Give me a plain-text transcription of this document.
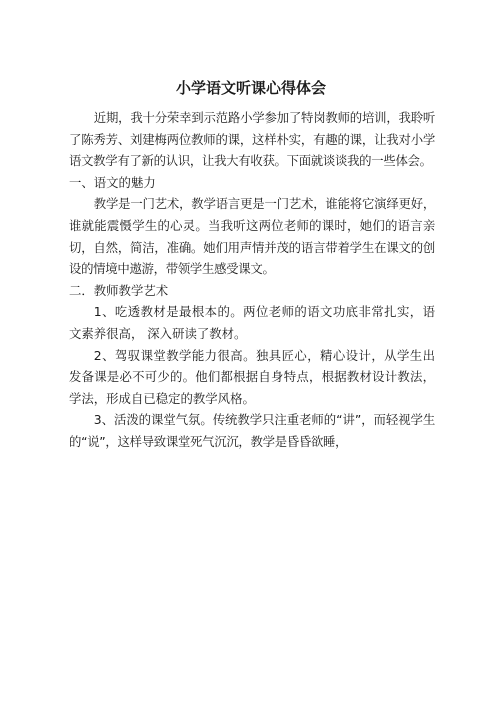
小学语文听课心得体会

近期，我十分荣幸到示范路小学参加了特岗教师的培训，我聆听了陈秀芳、刘建梅两位教师的课，这样朴实，有趣的课，让我对小学语文教学有了新的认识，让我大有收获。下面就谈谈我的一些体会。

一、语文的魅力

教学是一门艺术，教学语言更是一门艺术，谁能将它演绎更好，谁就能震慑学生的心灵。当我听这两位老师的课时，她们的语言亲切，自然，简洁，准确。她们用声情并茂的语言带着学生在课文的创设的情境中遨游，带领学生感受课文。

二．教师教学艺术

1、吃透教材是最根本的。两位老师的语文功底非常扎实，语文素养很高， 深入研读了教材。

2、驾驭课堂教学能力很高。独具匠心，精心设计，从学生出发备课是必不可少的。他们都根据自身特点，根据教材设计教法，学法，形成自已稳定的教学风格。

3、活泼的课堂气氛。传统教学只注重老师的“讲”，而轻视学生的“说”，这样导致课堂死气沉沉，教学是昏昏欲睡，
